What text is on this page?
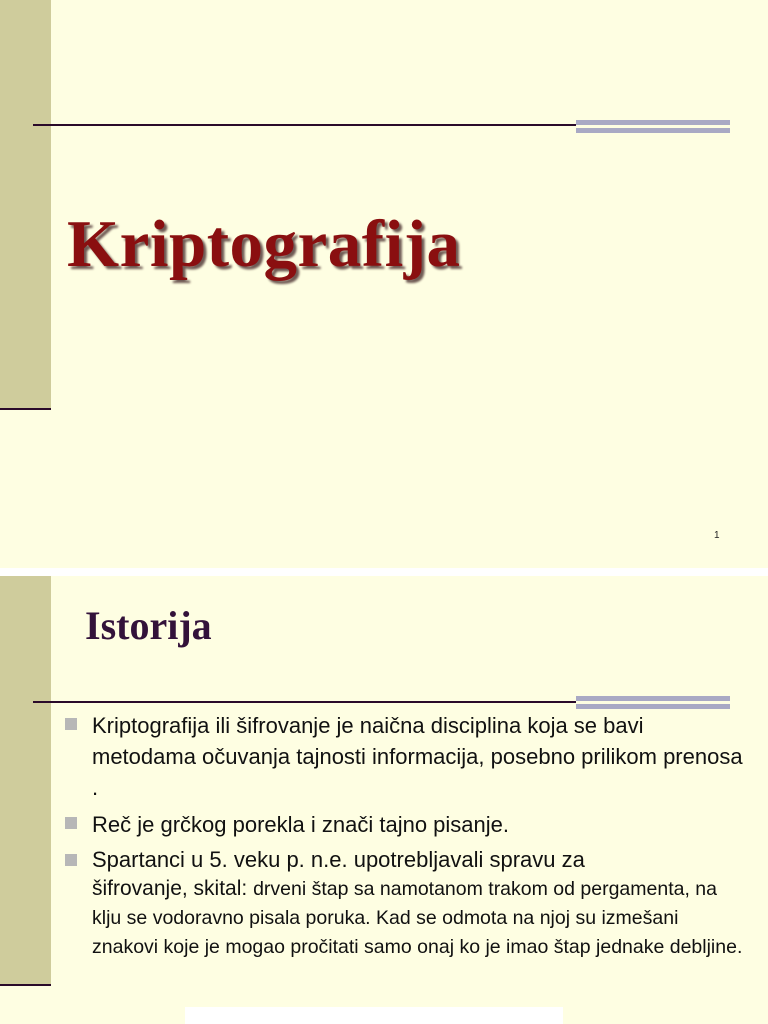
Kriptografija
1
Istorija
Kriptografija ili šifrovanje je naična disciplina koja se bavi metodama očuvanja tajnosti informacija, posebno prilikom prenosa .
Reč je grčkog porekla i znači tajno pisanje.
Spartanci u 5. veku p. n.e. upotrebljavali spravu za
šifrovanje, skital: drveni štap sa namotanom trakom od pergamenta, na klju se vodoravno pisala poruka. Kad se odmota na njoj su izmešani znakovi koje je mogao pročitati samo onaj ko je imao štap jednake debljine.
